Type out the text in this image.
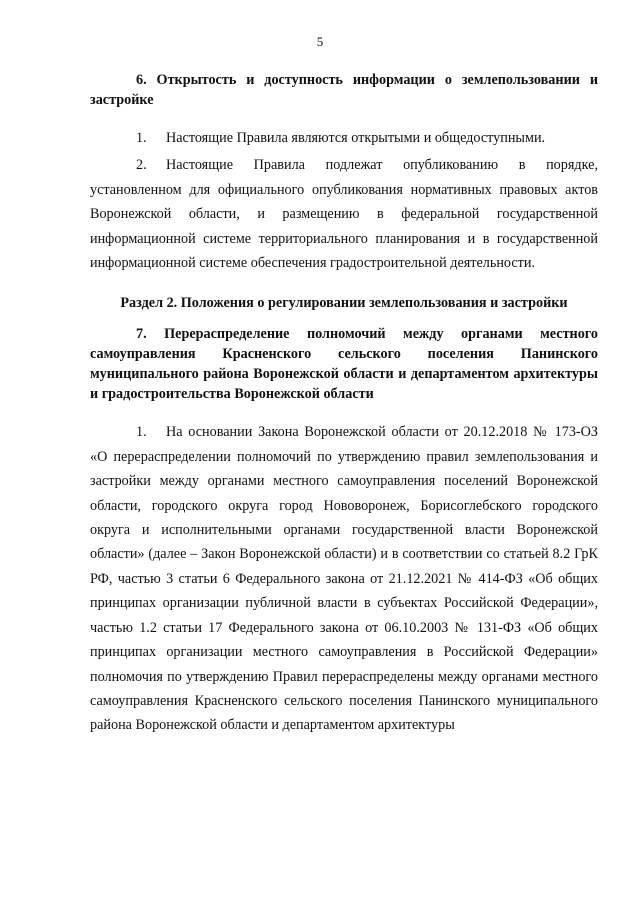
5

6. Открытость и доступность информации о землепользовании и застройке

1. Настоящие Правила являются открытыми и общедоступными.

2. Настоящие Правила подлежат опубликованию в порядке, установленном для официального опубликования нормативных правовых актов Воронежской области, и размещению в федеральной государственной информационной системе территориального планирования и в государственной информационной системе обеспечения градостроительной деятельности.

Раздел 2. Положения о регулировании землепользования и застройки

7. Перераспределение полномочий между органами местного самоуправления Красненского сельского поселения Панинского муниципального района Воронежской области и департаментом архитектуры и градостроительства Воронежской области

1. На основании Закона Воронежской области от 20.12.2018 № 173-ОЗ «О перераспределении полномочий по утверждению правил землепользования и застройки между органами местного самоуправления поселений Воронежской области, городского округа город Нововоронеж, Борисоглебского городского округа и исполнительными органами государственной власти Воронежской области» (далее – Закон Воронежской области) и в соответствии со статьей 8.2 ГрК РФ, частью 3 статьи 6 Федерального закона от 21.12.2021 № 414-ФЗ «Об общих принципах организации публичной власти в субъектах Российской Федерации», частью 1.2 статьи 17 Федерального закона от 06.10.2003 № 131-ФЗ «Об общих принципах организации местного самоуправления в Российской Федерации» полномочия по утверждению Правил перераспределены между органами местного самоуправления Красненского сельского поселения Панинского муниципального района Воронежской области и департаментом архитектуры
